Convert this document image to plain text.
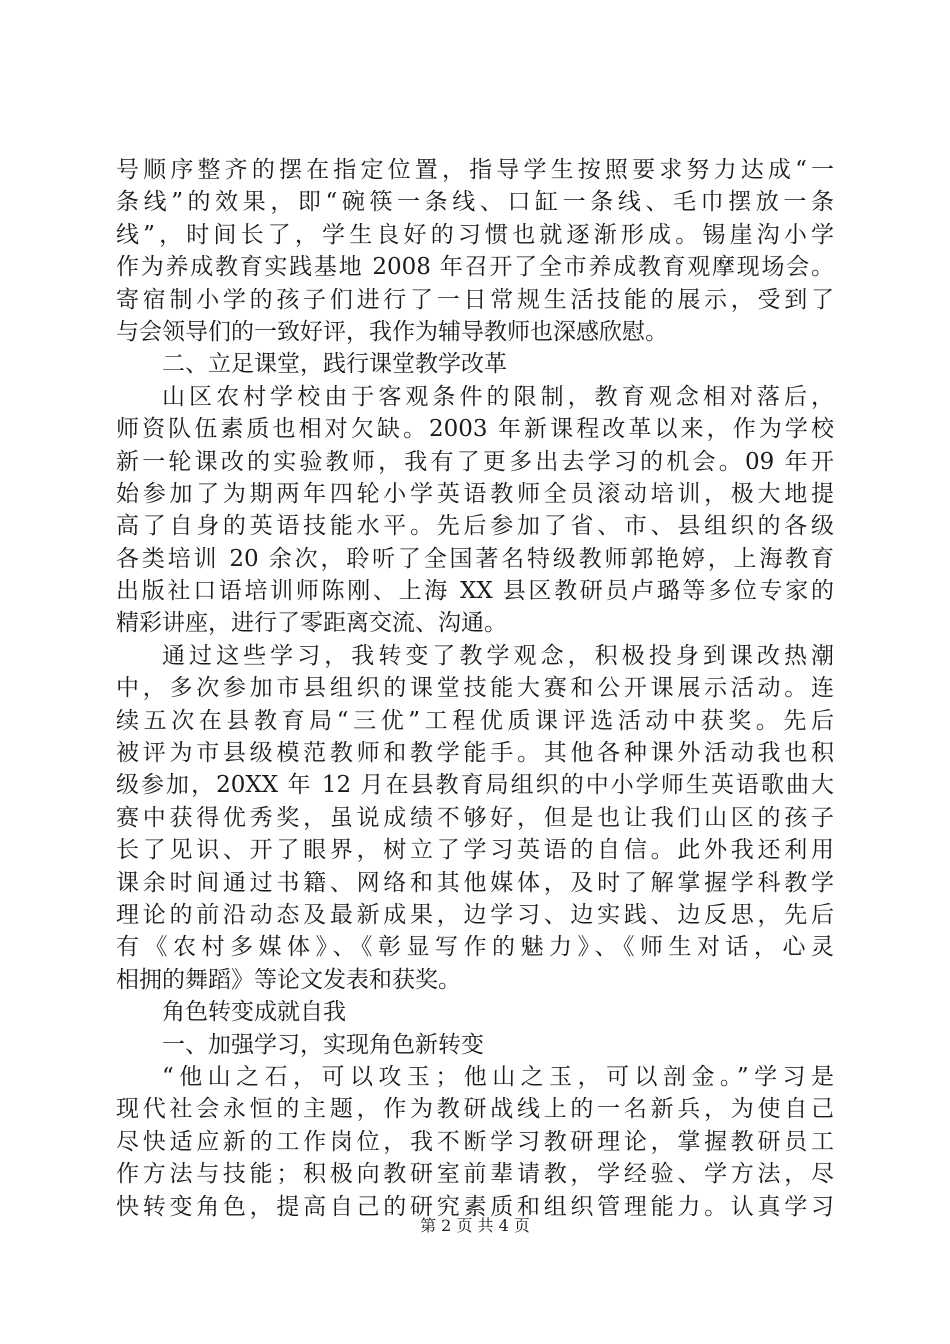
号顺序整齐的摆在指定位置，指导学生按照要求努力达成“一
条线”的效果，即“碗筷一条线、口缸一条线、毛巾摆放一条
线”，时间长了，学生良好的习惯也就逐渐形成。锡崖沟小学
作为养成教育实践基地 2008 年召开了全市养成教育观摩现场会。
寄宿制小学的孩子们进行了一日常规生活技能的展示，受到了
与会领导们的一致好评，我作为辅导教师也深感欣慰。
二、立足课堂，践行课堂教学改革
山区农村学校由于客观条件的限制，教育观念相对落后，
师资队伍素质也相对欠缺。2003 年新课程改革以来，作为学校
新一轮课改的实验教师，我有了更多出去学习的机会。09 年开
始参加了为期两年四轮小学英语教师全员滚动培训，极大地提
高了自身的英语技能水平。先后参加了省、市、县组织的各级
各类培训 20 余次，聆听了全国著名特级教师郭艳婷，上海教育
出版社口语培训师陈刚、上海 XX 县区教研员卢璐等多位专家的
精彩讲座，进行了零距离交流、沟通。
通过这些学习，我转变了教学观念，积极投身到课改热潮
中，多次参加市县组织的课堂技能大赛和公开课展示活动。连
续五次在县教育局“三优”工程优质课评选活动中获奖。先后
被评为市县级模范教师和教学能手。其他各种课外活动我也积
级参加，20XX 年 12 月在县教育局组织的中小学师生英语歌曲大
赛中获得优秀奖，虽说成绩不够好，但是也让我们山区的孩子
长了见识、开了眼界，树立了学习英语的自信。此外我还利用
课余时间通过书籍、网络和其他媒体，及时了解掌握学科教学
理论的前沿动态及最新成果，边学习、边实践、边反思，先后
有《农村多媒体》、《彰显写作的魅力》、《师生对话，心灵
相拥的舞蹈》等论文发表和获奖。
角色转变成就自我
一、加强学习，实现角色新转变
“他山之石，可以攻玉；他山之玉，可以剖金。”学习是
现代社会永恒的主题，作为教研战线上的一名新兵，为使自己
尽快适应新的工作岗位，我不断学习教研理论，掌握教研员工
作方法与技能；积极向教研室前辈请教，学经验、学方法，尽
快转变角色，提高自己的研究素质和组织管理能力。认真学习
第 2 页 共 4 页
